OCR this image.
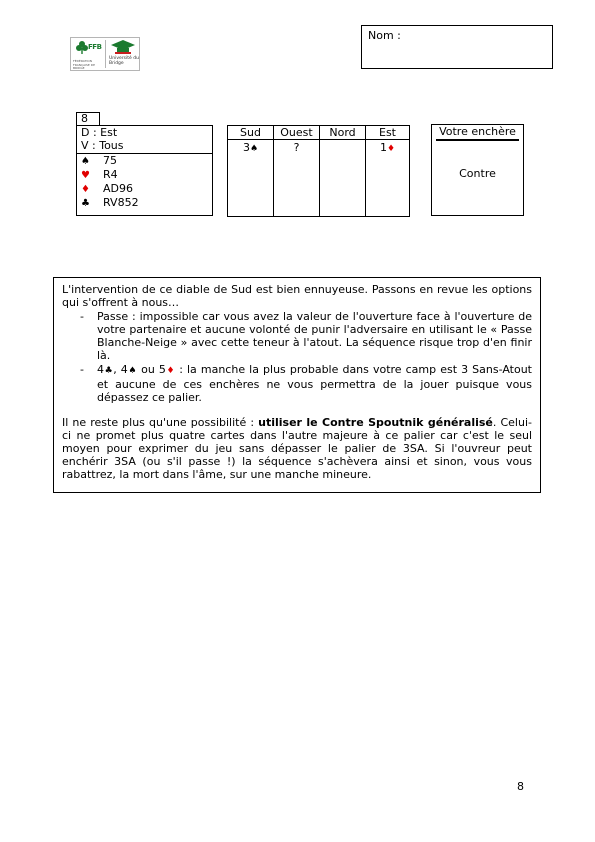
FFB
FÉDÉRATION FRANÇAISE DE BRIDGE
Université du Bridge
Nom :
8
D : Est
V : Tous
♠ 75
♥ R4
♦ AD96
♣ RV852
Sud
3♠
Ouest
?
Nord	Est
1♦
Votre enchère
Contre
L'intervention de ce diable de Sud est bien ennuyeuse. Passons en revue les options qui s'offrent à nous…
- Passe : impossible car vous avez la valeur de l'ouverture face à l'ouverture de votre partenaire et aucune volonté de punir l'adversaire en utilisant le « Passe Blanche-Neige » avec cette teneur à l'atout. La séquence risque trop d'en finir là.
- 4♣, 4♠ ou 5♦ : la manche la plus probable dans votre camp est 3 Sans-Atout et aucune de ces enchères ne vous permettra de la jouer puisque vous dépassez ce palier.
Il ne reste plus qu'une possibilité : utiliser le Contre Spoutnik généralisé. Celui-ci ne promet plus quatre cartes dans l'autre majeure à ce palier car c'est le seul moyen pour exprimer du jeu sans dépasser le palier de 3SA. Si l'ouvreur peut enchérir 3SA (ou s'il passe !) la séquence s'achèvera ainsi et sinon, vous vous rabattrez, la mort dans l'âme, sur une manche mineure.
8
